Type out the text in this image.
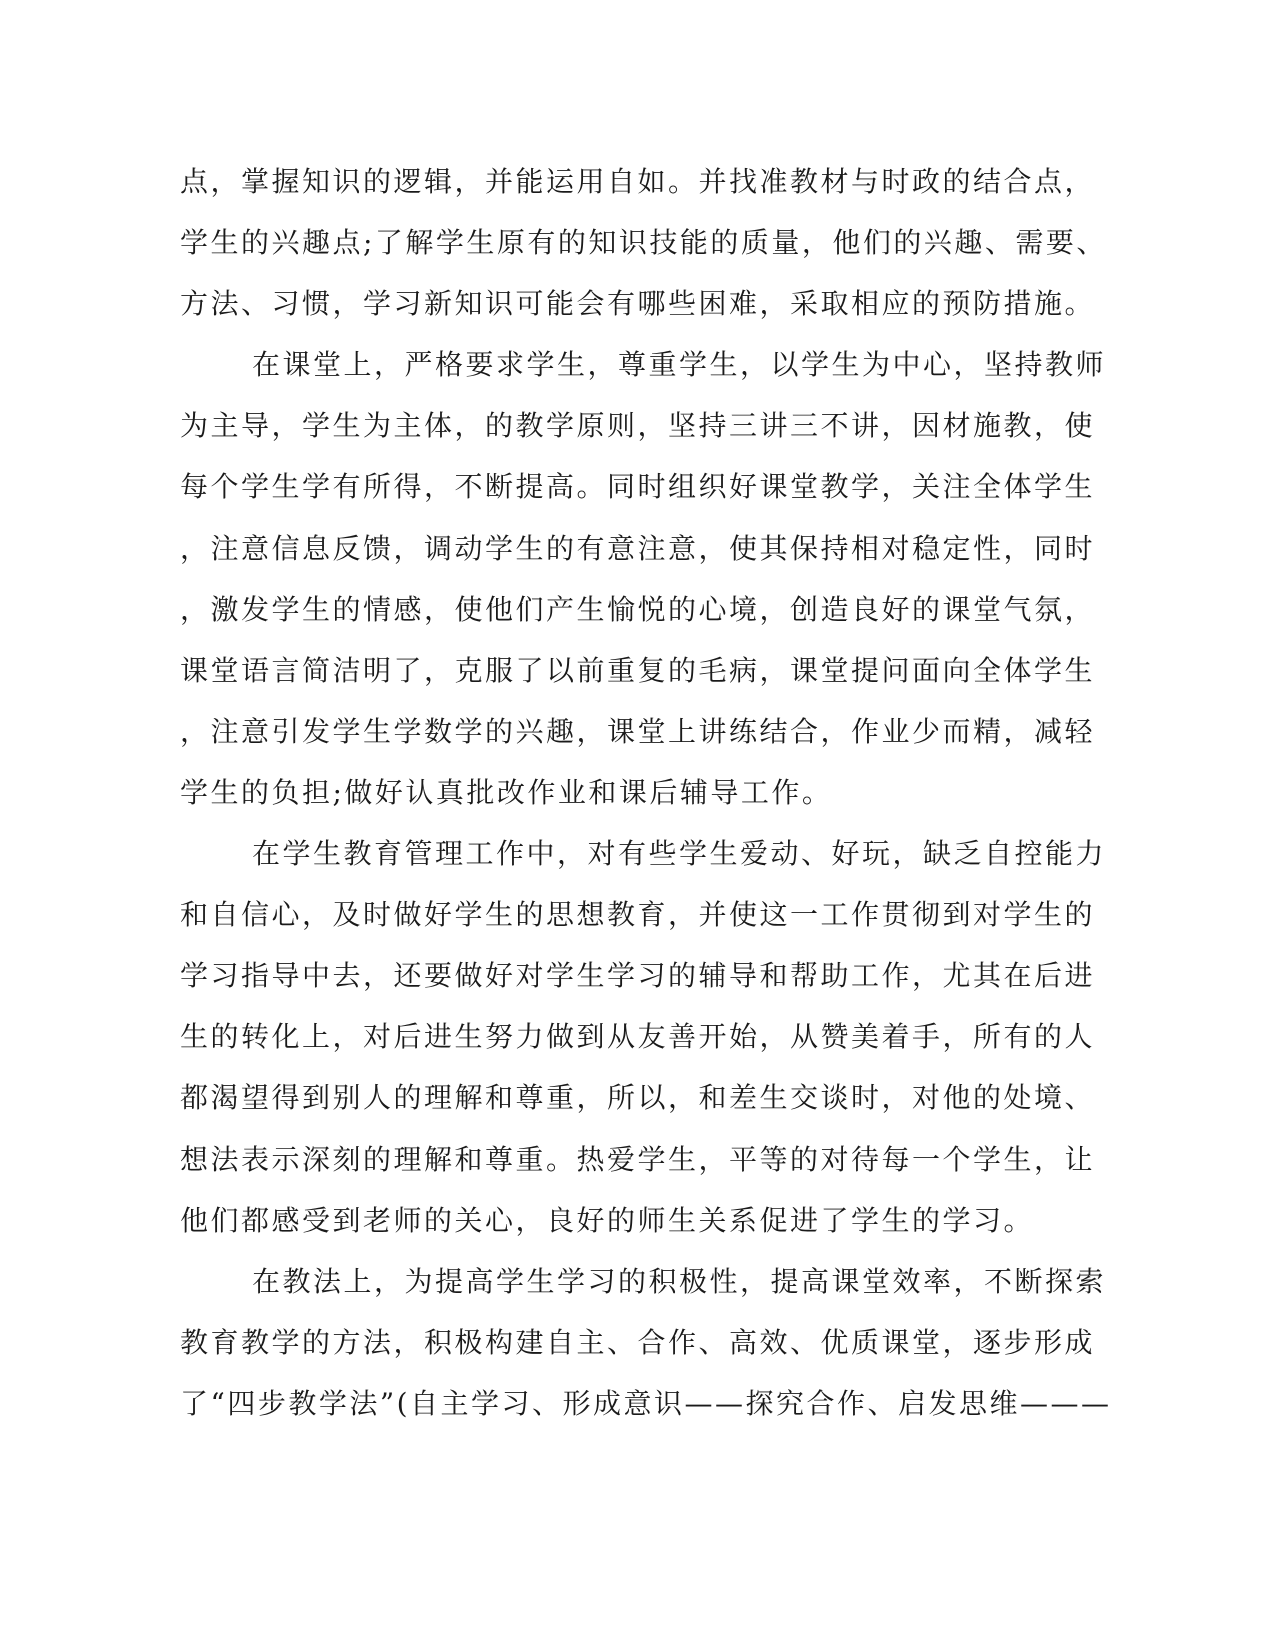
点，掌握知识的逻辑，并能运用自如。并找准教材与时政的结合点，
学生的兴趣点;了解学生原有的知识技能的质量，他们的兴趣、需要、
方法、习惯，学习新知识可能会有哪些困难，采取相应的预防措施。
在课堂上，严格要求学生，尊重学生，以学生为中心，坚持教师
为主导，学生为主体，的教学原则，坚持三讲三不讲，因材施教，使
每个学生学有所得，不断提高。同时组织好课堂教学，关注全体学生
，注意信息反馈，调动学生的有意注意，使其保持相对稳定性，同时
，激发学生的情感，使他们产生愉悦的心境，创造良好的课堂气氛，
课堂语言简洁明了，克服了以前重复的毛病，课堂提问面向全体学生
，注意引发学生学数学的兴趣，课堂上讲练结合，作业少而精，减轻
学生的负担;做好认真批改作业和课后辅导工作。
在学生教育管理工作中，对有些学生爱动、好玩，缺乏自控能力
和自信心，及时做好学生的思想教育，并使这一工作贯彻到对学生的
学习指导中去，还要做好对学生学习的辅导和帮助工作，尤其在后进
生的转化上，对后进生努力做到从友善开始，从赞美着手，所有的人
都渴望得到别人的理解和尊重，所以，和差生交谈时，对他的处境、
想法表示深刻的理解和尊重。热爱学生，平等的对待每一个学生，让
他们都感受到老师的关心，良好的师生关系促进了学生的学习。
在教法上，为提高学生学习的积极性，提高课堂效率，不断探索
教育教学的方法，积极构建自主、合作、高效、优质课堂，逐步形成
了“四步教学法”(自主学习、形成意识——探究合作、启发思维———
